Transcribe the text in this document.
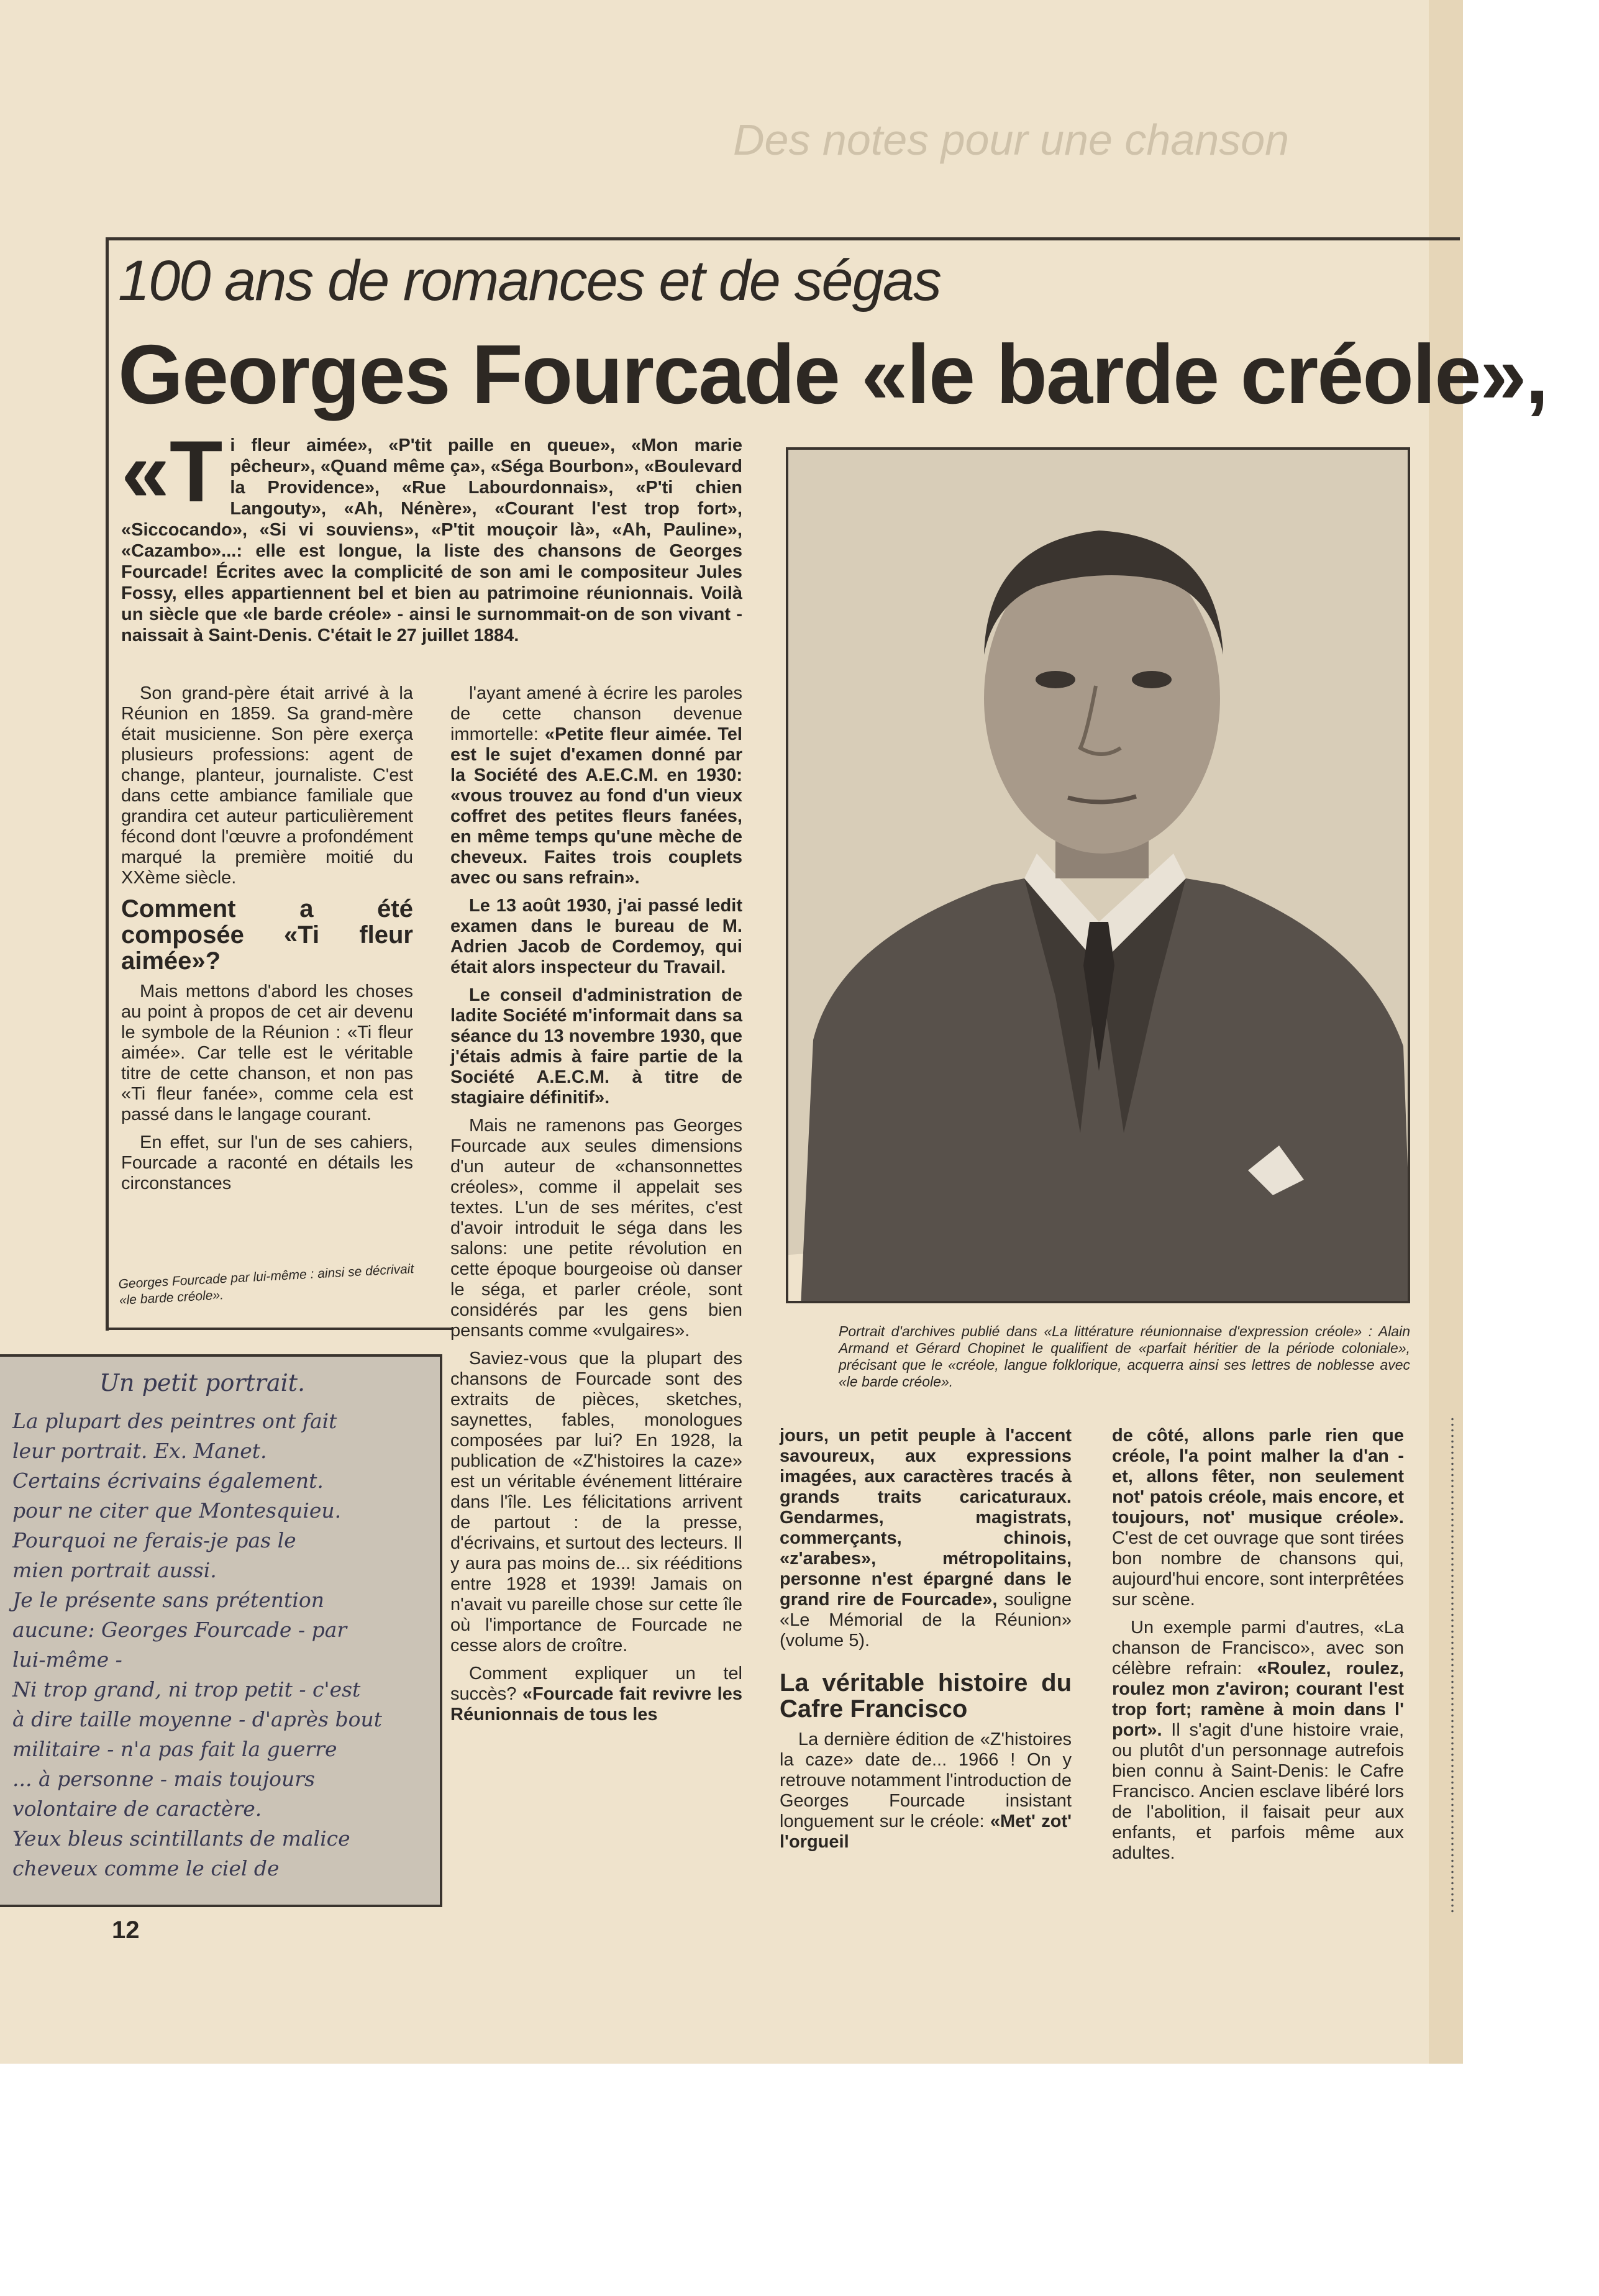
Des notes pour une chanson
100 ans de romances et de ségas
Georges Fourcade «le barde créole»,
«T i fleur aimée», «P'tit paille en queue», «Mon marie pêcheur», «Quand même ça», «Séga Bourbon», «Boulevard la Providence», «Rue Labourdonnais», «P'ti chien Langouty», «Ah, Nénère», «Courant l'est trop fort», «Siccocando», «Si vi souviens», «P'tit mouçoir là», «Ah, Pauline», «Cazambo»...: elle est longue, la liste des chansons de Georges Fourcade! Écrites avec la complicité de son ami le compositeur Jules Fossy, elles appartiennent bel et bien au patrimoine réunionnais. Voilà un siècle que «le barde créole» - ainsi le surnommait-on de son vivant - naissait à Saint-Denis. C'était le 27 juillet 1884.

Son grand-père était arrivé à la Réunion en 1859. Sa grand-mère était musicienne. Son père exerça plusieurs professions: agent de change, planteur, journaliste. C'est dans cette ambiance familiale que grandira cet auteur particulièrement fécond dont l'œuvre a profondément marqué la première moitié du XXème siècle.

Comment a été composée «Ti fleur aimée»?

Mais mettons d'abord les choses au point à propos de cet air devenu le symbole de la Réunion : «Ti fleur aimée». Car telle est le véritable titre de cette chanson, et non pas «Ti fleur fanée», comme cela est passé dans le langage courant.

En effet, sur l'un de ses cahiers, Fourcade a raconté en détails les circonstances

Georges Fourcade par lui-même : ainsi se décrivait «le barde créole».

l'ayant amené à écrire les paroles de cette chanson devenue immortelle: «Petite fleur aimée. Tel est le sujet d'examen donné par la Société des A.E.C.M. en 1930: «vous trouvez au fond d'un vieux coffret des petites fleurs fanées, en même temps qu'une mèche de cheveux. Faites trois couplets avec ou sans refrain».

Le 13 août 1930, j'ai passé ledit examen dans le bureau de M. Adrien Jacob de Cordemoy, qui était alors inspecteur du Travail.

Le conseil d'administration de ladite Société m'informait dans sa séance du 13 novembre 1930, que j'étais admis à faire partie de la Société A.E.C.M. à titre de stagiaire définitif».

Mais ne ramenons pas Georges Fourcade aux seules dimensions d'un auteur de «chansonnettes créoles», comme il appelait ses textes. L'un de ses mérites, c'est d'avoir introduit le séga dans les salons: une petite révolution en cette époque bourgeoise où danser le séga, et parler créole, sont considérés par les gens bien pensants comme «vulgaires».

Saviez-vous que la plupart des chansons de Fourcade sont des extraits de pièces, sketches, saynettes, fables, monologues composées par lui? En 1928, la publication de «Z'histoires la caze» est un véritable événement littéraire dans l'île. Les félicitations arrivent de partout : de la presse, d'écrivains, et surtout des lecteurs. Il y aura pas moins de... six rééditions entre 1928 et 1939! Jamais on n'avait vu pareille chose sur cette île où l'importance de Fourcade ne cesse alors de croître.

Comment expliquer un tel succès? «Fourcade fait revivre les Réunionnais de tous les

Portrait d'archives publié dans «La littérature réunionnaise d'expression créole» : Alain Armand et Gérard Chopinet le qualifient de «parfait héritier de la période coloniale», précisant que le «créole, langue folklorique, acquerra ainsi ses lettres de noblesse avec «le barde créole».

jours, un petit peuple à l'accent savoureux, aux expressions imagées, aux caractères tracés à grands traits caricaturaux. Gendarmes, magistrats, commerçants, chinois, «z'arabes», métropolitains, personne n'est épargné dans le grand rire de Fourcade», souligne «Le Mémorial de la Réunion» (volume 5).

La véritable histoire du Cafre Francisco

La dernière édition de «Z'histoires la caze» date de... 1966 ! On y retrouve notamment l'introduction de Georges Fourcade insistant longuement sur le créole: «Met' zot' l'orgueil

de côté, allons parle rien que créole, l'a point malher la d'an - et, allons fêter, non seulement not' patois créole, mais encore, et toujours, not' musique créole». C'est de cet ouvrage que sont tirées bon nombre de chansons qui, aujourd'hui encore, sont interprêtées sur scène.

Un exemple parmi d'autres, «La chanson de Francisco», avec son célèbre refrain: «Roulez, roulez, roulez mon z'aviron; courant l'est trop fort; ramène à moin dans l' port». Il s'agit d'une histoire vraie, ou plutôt d'un personnage autrefois bien connu à Saint-Denis: le Cafre Francisco. Ancien esclave libéré lors de l'abolition, il faisait peur aux enfants, et parfois même aux adultes.

Un petit portrait.
La plupart des peintres ont fait
leur portrait. Ex. Manet.
Certains écrivains également.
pour ne citer que Montesquieu.
Pourquoi ne ferais-je pas le
mien portrait aussi.
Je le présente sans prétention
aucune: Georges Fourcade - par
lui-même -
Ni trop grand, ni trop petit - c'est
à dire taille moyenne - d'après bout
militaire - n'a pas fait la guerre
... à personne - mais toujours
volontaire de caractère.
Yeux bleus scintillants de malice
cheveux comme le ciel de
12
